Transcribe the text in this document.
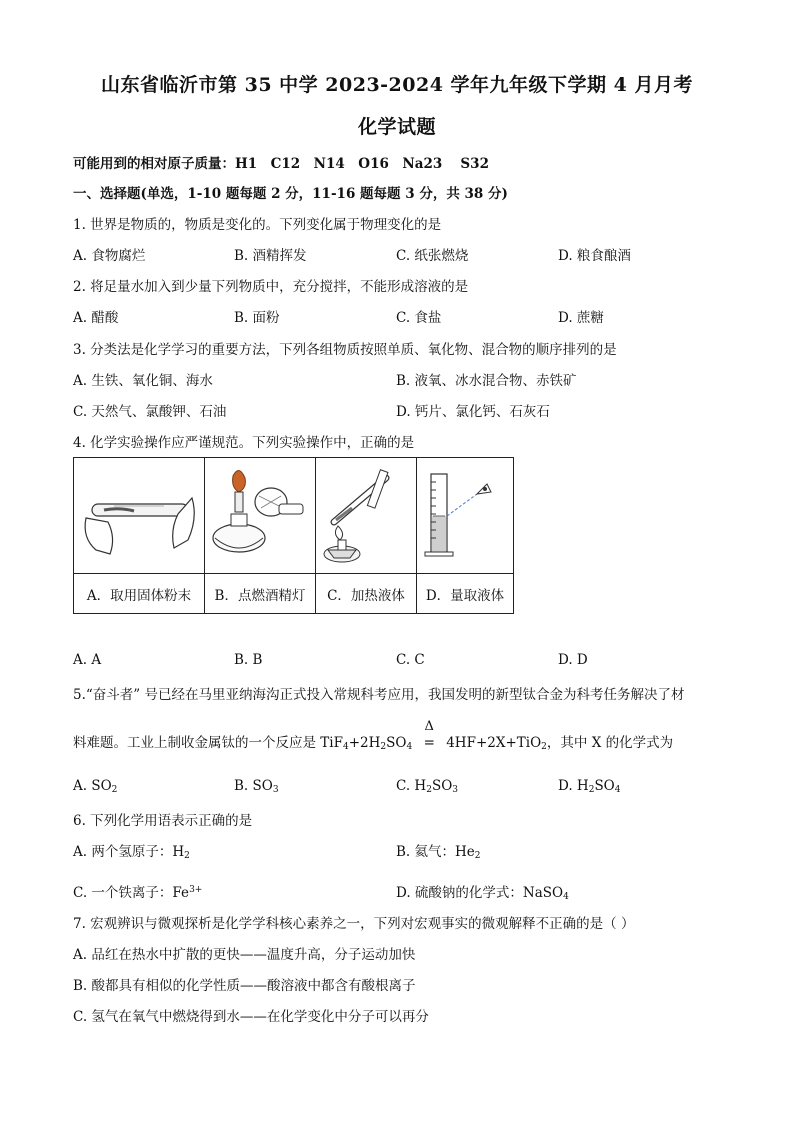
山东省临沂市第 35 中学 2023-2024 学年九年级下学期 4 月月考
化学试题
可能用到的相对原子质量：H1　C12　N14　O16　Na23　 S32
一、选择题(单选，1-10 题每题 2 分，11-16 题每题 3 分，共 38 分)
1. 世界是物质的，物质是变化的。下列变化属于物理变化的是
A. 食物腐烂	B. 酒精挥发	C. 纸张燃烧	D. 粮食酿酒
2. 将足量水加入到少量下列物质中，充分搅拌，不能形成溶液的是
A. 醋酸	B. 面粉	C. 食盐	D. 蔗糖
3. 分类法是化学学习的重要方法，下列各组物质按照单质、氧化物、混合物的顺序排列的是
A. 生铁、氧化铜、海水	B. 液氧、冰水混合物、赤铁矿
C. 天然气、氯酸钾、石油	D. 钙片、氯化钙、石灰石
4. 化学实验操作应严谨规范。下列实验操作中，正确的是

A．取用固体粉末	B．点燃酒精灯	C．加热液体	D．量取液体
A. A	B. B	C. C	D. D
5.“奋斗者” 号已经在马里亚纳海沟正式投入常规科考应用，我国发明的新型钛合金为科考任务解决了材
料难题。工业上制收金属钛的一个反应是 $TiF_4+2H_2SO_4$
Δ
= 4HF+2X+TiO$_2$，其中 X 的化学式为
A. $SO_2$	B. $SO_3$	C. $H_2SO_3$	D. $H_2SO_4$
6. 下列化学用语表示正确的是
A. 两个氢原子：$H_2$	B. 氦气：$He_2$
C. 一个铁离子：$Fe^{3+}$	D. 硫酸钠的化学式：NaSO$_4$
7. 宏观辨识与微观探析是化学学科核心素养之一，下列对宏观事实的微观解释不正确的是（ ）
A. 品红在热水中扩散的更快——温度升高，分子运动加快
B. 酸都具有相似的化学性质——酸溶液中都含有酸根离子
C. 氢气在氧气中燃烧得到水——在化学变化中分子可以再分
